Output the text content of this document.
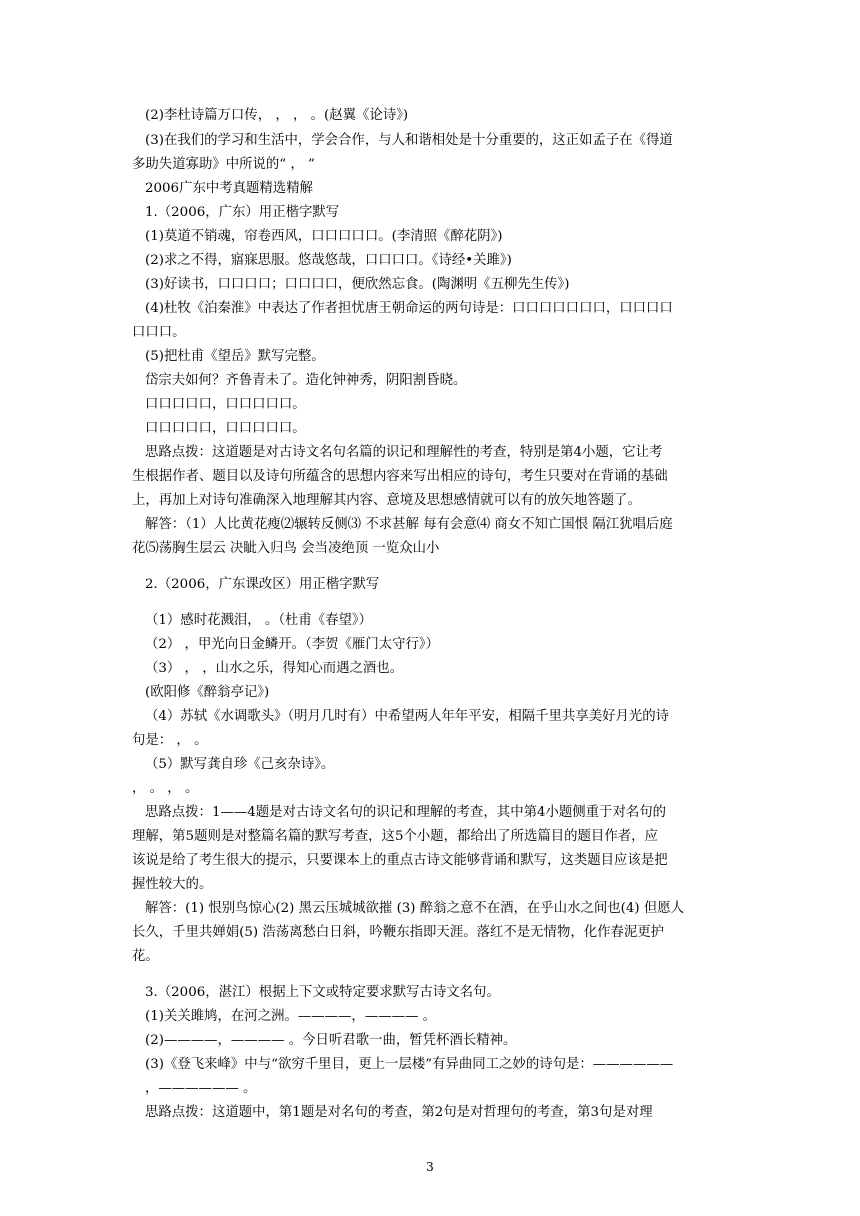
(2)李杜诗篇万口传， ， ， 。(赵翼《论诗》)
(3)在我们的学习和生活中，学会合作，与人和谐相处是十分重要的，这正如孟子在《得道
多助失道寡助》中所说的“ ， ”
2006广东中考真题精选精解
1.（2006，广东）用正楷字默写
(1)莫道不销魂，帘卷西风，口口口口口。(李清照《醉花阴》)
(2)求之不得，寤寐思服。悠哉悠哉，口口口口。《诗经•关雎》)
(3)好读书，口口口口；口口口口，便欣然忘食。(陶渊明《五柳先生传》)
(4)杜牧《泊秦淮》中表达了作者担忧唐王朝命运的两句诗是：口口口口口口口，口口口口
口口口。
(5)把杜甫《望岳》默写完整。
岱宗夫如何？齐鲁青未了。造化钟神秀，阴阳割昏晓。
口口口口口，口口口口口。
口口口口口，口口口口口。
思路点拨：这道题是对古诗文名句名篇的识记和理解性的考查，特别是第4小题，它让考
生根据作者、题目以及诗句所蕴含的思想内容来写出相应的诗句，考生只要对在背诵的基础
上，再加上对诗句准确深入地理解其内容、意境及思想感情就可以有的放矢地答题了。
解答：（1）人比黄花瘦⑵辗转反侧⑶ 不求甚解 每有会意⑷ 商女不知亡国恨 隔江犹唱后庭
花⑸荡胸生层云 决眦入归鸟 会当凌绝顶 一览众山小
2.（2006，广东课改区）用正楷字默写
（1）感时花溅泪， 。（杜甫《春望》）
（2） ，甲光向日金鳞开。（李贺《雁门太守行》）
（3） ， ，山水之乐，得知心而遇之酒也。
(欧阳修《醉翁亭记》)
（4）苏轼《水调歌头》（明月几时有）中希望两人年年平安，相隔千里共享美好月光的诗
句是： ， 。
（5）默写龚自珍《己亥杂诗》。
， 。 ， 。
思路点拨：1——4题是对古诗文名句的识记和理解的考查，其中第4小题侧重于对名句的
理解，第5题则是对整篇名篇的默写考查，这5个小题，都给出了所选篇目的题目作者，应
该说是给了考生很大的提示，只要课本上的重点古诗文能够背诵和默写，这类题目应该是把
握性较大的。
解答：(1) 恨别鸟惊心(2) 黑云压城城欲摧 (3) 醉翁之意不在酒，在乎山水之间也(4) 但愿人
长久，千里共婵娟(5) 浩荡离愁白日斜，吟鞭东指即天涯。落红不是无情物，化作春泥更护
花。
3.（2006，湛江）根据上下文或特定要求默写古诗文名句。
(1)关关雎鸠，在河之洲。————，———— 。
(2)————，———— 。今日听君歌一曲，暂凭杯酒长精神。
(3)《登飞来峰》中与“欲穷千里目，更上一层楼”有异曲同工之妙的诗句是：——————
，—————— 。
思路点拨：这道题中，第1题是对名句的考查，第2句是对哲理句的考查，第3句是对理
3
